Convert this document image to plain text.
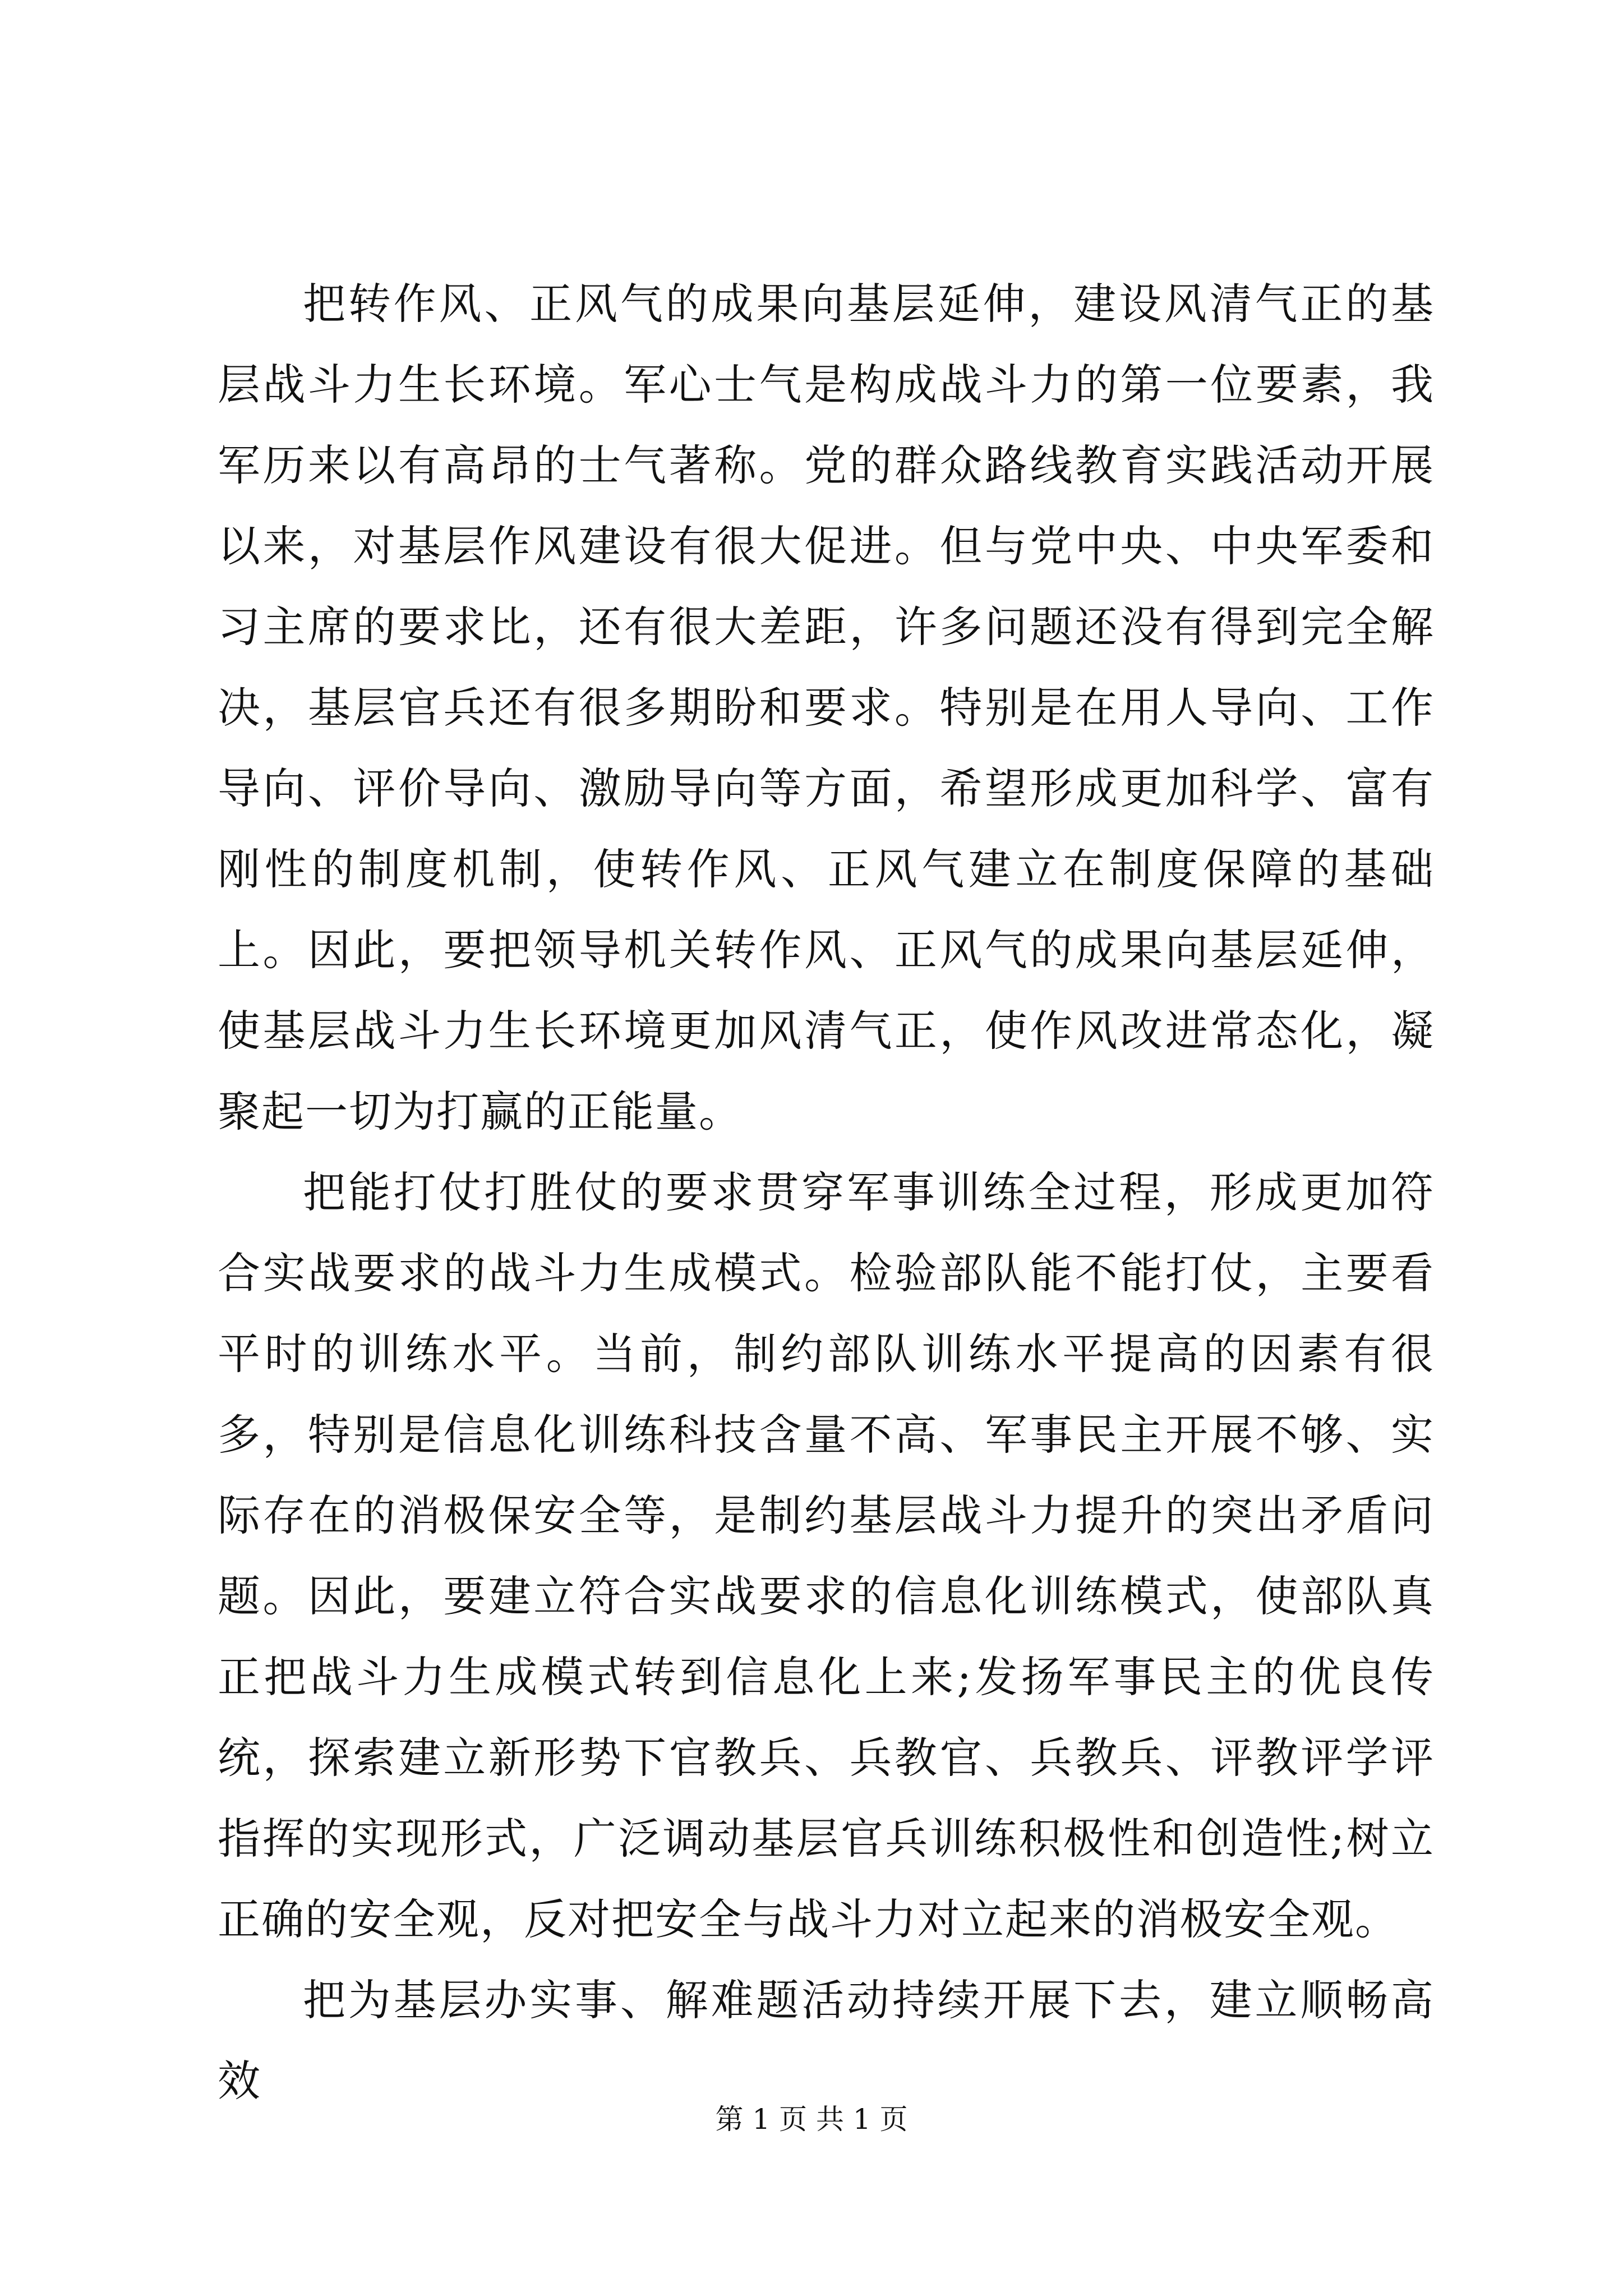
把转作风、正风气的成果向基层延伸，建设风清气正的基层战斗力生长环境。军心士气是构成战斗力的第一位要素，我军历来以有高昂的士气著称。党的群众路线教育实践活动开展以来，对基层作风建设有很大促进。但与党中央、中央军委和习主席的要求比，还有很大差距，许多问题还没有得到完全解决，基层官兵还有很多期盼和要求。特别是在用人导向、工作导向、评价导向、激励导向等方面，希望形成更加科学、富有刚性的制度机制，使转作风、正风气建立在制度保障的基础上。因此，要把领导机关转作风、正风气的成果向基层延伸，使基层战斗力生长环境更加风清气正，使作风改进常态化，凝聚起一切为打赢的正能量。

把能打仗打胜仗的要求贯穿军事训练全过程，形成更加符合实战要求的战斗力生成模式。检验部队能不能打仗，主要看平时的训练水平。当前，制约部队训练水平提高的因素有很多，特别是信息化训练科技含量不高、军事民主开展不够、实际存在的消极保安全等，是制约基层战斗力提升的突出矛盾问题。因此，要建立符合实战要求的信息化训练模式，使部队真正把战斗力生成模式转到信息化上来;发扬军事民主的优良传统，探索建立新形势下官教兵、兵教官、兵教兵、评教评学评指挥的实现形式，广泛调动基层官兵训练积极性和创造性;树立正确的安全观，反对把安全与战斗力对立起来的消极安全观。

把为基层办实事、解难题活动持续开展下去，建立顺畅高效

第 1 页 共 1 页
